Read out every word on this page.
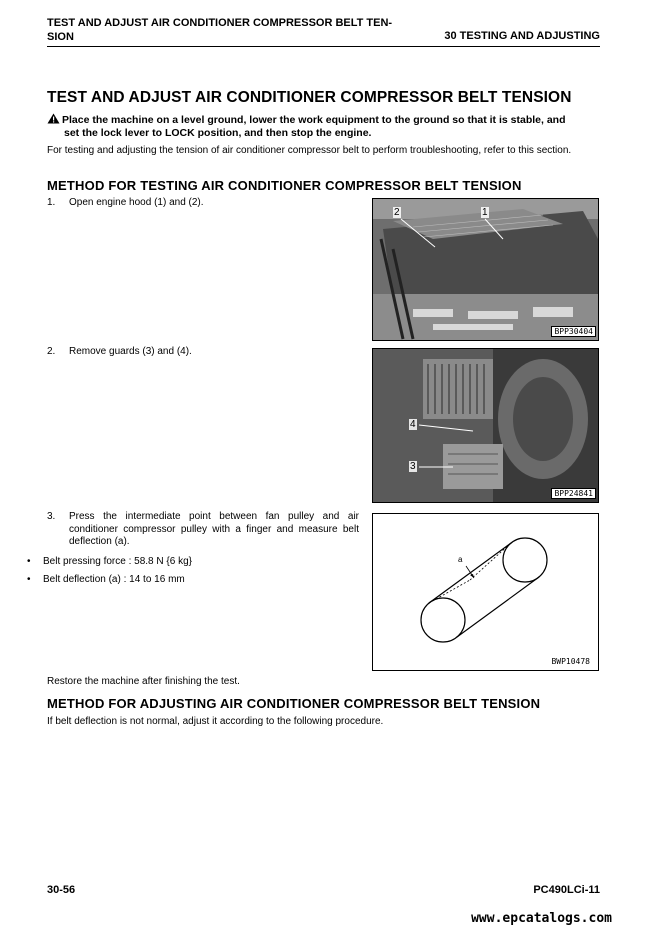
TEST AND ADJUST AIR CONDITIONER COMPRESSOR BELT TEN-
SION	30 TESTING AND ADJUSTING
TEST AND ADJUST AIR CONDITIONER COMPRESSOR BELT TENSION
Place the machine on a level ground, lower the work equipment to the ground so that it is stable, and
set the lock lever to LOCK position, and then stop the engine.
For testing and adjusting the tension of air conditioner compressor belt to perform troubleshooting, refer to this section.
METHOD FOR TESTING AIR CONDITIONER COMPRESSOR BELT TENSION
1. Open engine hood (1) and (2).
2	1
BPP30404
2. Remove guards (3) and (4).
4
3
BPP24841
3. Press the intermediate point between fan pulley and air conditioner compressor pulley with a finger and measure belt deflection (a).
• Belt pressing force : 58.8 N {6 kg}
• Belt deflection (a) : 14 to 16 mm
a
BWP10478
Restore the machine after finishing the test.
METHOD FOR ADJUSTING AIR CONDITIONER COMPRESSOR BELT TENSION
If belt deflection is not normal, adjust it according to the following procedure.
30-56	PC490LCi-11
www.epcatalogs.com
